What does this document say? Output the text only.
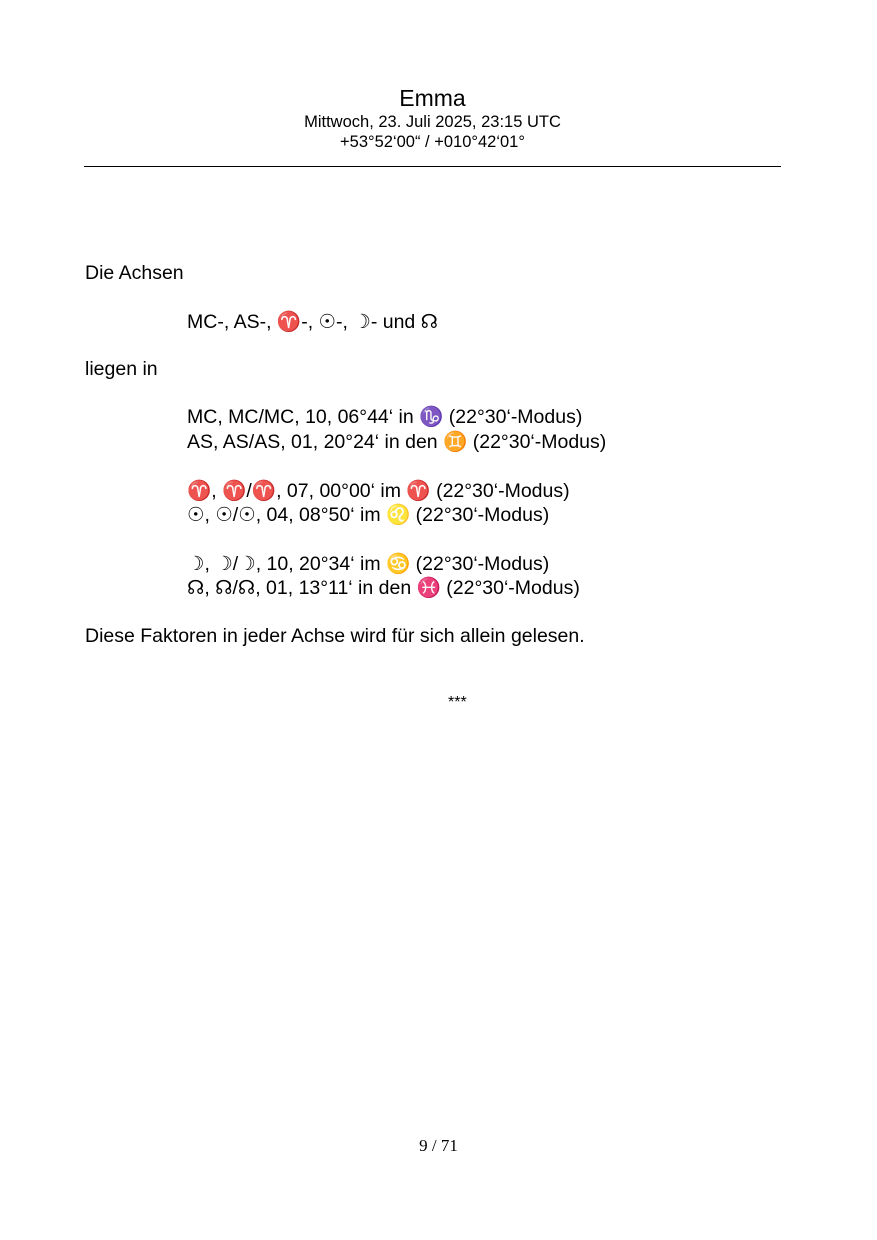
Emma
Mittwoch, 23. Juli 2025, 23:15 UTC
+53°52‘00“ / +010°42‘01°
Die Achsen
MC-, AS-, ♈-, ☉-, ☽- und ☊
liegen in
MC, MC/MC, 10, 06°44‘ in ♑ (22°30‘-Modus)
AS, AS/AS, 01, 20°24‘ in den ♊ (22°30‘-Modus)
♈, ♈/♈, 07, 00°00‘ im ♈ (22°30‘-Modus)
☉, ☉/☉, 04, 08°50‘ im ♌ (22°30‘-Modus)
☽, ☽/☽, 10, 20°34‘ im ♋ (22°30‘-Modus)
☊, ☊/☊, 01, 13°11‘ in den ♓ (22°30‘-Modus)
Diese Faktoren in jeder Achse wird für sich allein gelesen.
***
9 / 71
